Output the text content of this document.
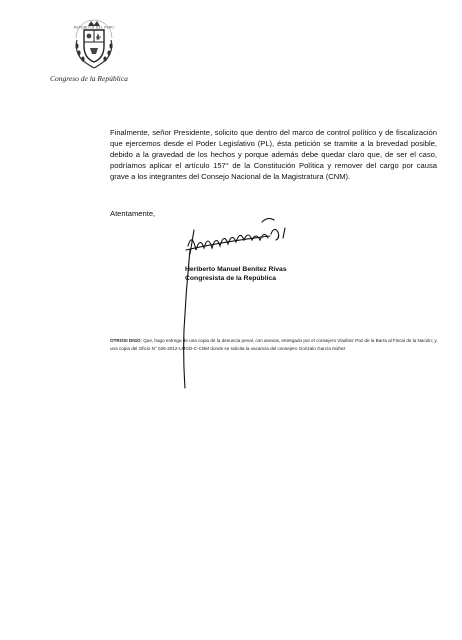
REPÚBLICA DEL PERÚ
Congreso de la República

Finalmente, señor Presidente, solicito que dentro del marco de control político y de fiscalización que ejercemos desde el Poder Legislativo (PL), ésta petición se tramite a la brevedad posible, debido a la gravedad de los hechos y porque además debe quedar claro que, de ser el caso, podríamos aplicar el artículo 157° de la Constitución Política y remover del cargo por causa grave a los integrantes del Consejo Nacional de la Magistratura (CNM).

Atentamente,

Heriberto Manuel Benítez Rivas
Congresista de la República

OTROSI DIGO: Que, hago entrega de una copia de la denuncia penal, con anexos, entregado por el consejero Vladimir Paz de la Barra al Fiscal de la Nación; y, una copia del Oficio N° 026-2012-LMGD-C-CNM donde se solicita la vacancia del consejero Gonzalo García Núñez
